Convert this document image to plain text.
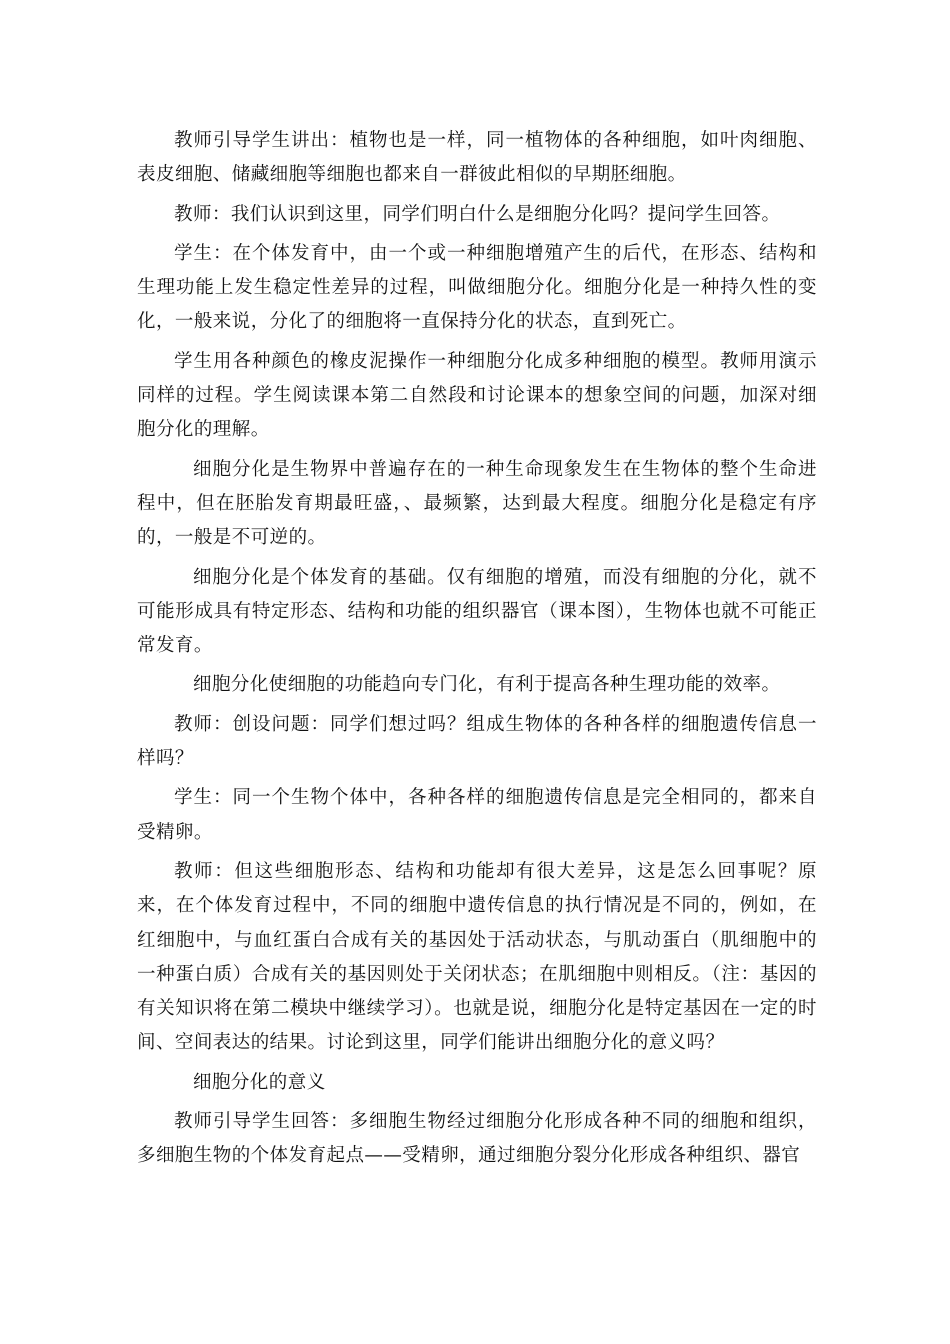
教师引导学生讲出：植物也是一样，同一植物体的各种细胞，如叶肉细胞、表皮细胞、储藏细胞等细胞也都来自一群彼此相似的早期胚细胞。

教师：我们认识到这里，同学们明白什么是细胞分化吗？提问学生回答。

学生：在个体发育中，由一个或一种细胞增殖产生的后代，在形态、结构和生理功能上发生稳定性差异的过程，叫做细胞分化。细胞分化是一种持久性的变化，一般来说，分化了的细胞将一直保持分化的状态，直到死亡。

学生用各种颜色的橡皮泥操作一种细胞分化成多种细胞的模型。教师用演示同样的过程。学生阅读课本第二自然段和讨论课本的想象空间的问题，加深对细胞分化的理解。

细胞分化是生物界中普遍存在的一种生命现象发生在生物体的整个生命进程中，但在胚胎发育期最旺盛，、最频繁，达到最大程度。细胞分化是稳定有序的，一般是不可逆的。

细胞分化是个体发育的基础。仅有细胞的增殖，而没有细胞的分化，就不可能形成具有特定形态、结构和功能的组织器官（课本图），生物体也就不可能正常发育。

细胞分化使细胞的功能趋向专门化，有利于提高各种生理功能的效率。

教师：创设问题：同学们想过吗？组成生物体的各种各样的细胞遗传信息一样吗？

学生：同一个生物个体中，各种各样的细胞遗传信息是完全相同的，都来自受精卵。

教师：但这些细胞形态、结构和功能却有很大差异，这是怎么回事呢？原来，在个体发育过程中，不同的细胞中遗传信息的执行情况是不同的，例如，在红细胞中，与血红蛋白合成有关的基因处于活动状态，与肌动蛋白（肌细胞中的一种蛋白质）合成有关的基因则处于关闭状态；在肌细胞中则相反。（注：基因的有关知识将在第二模块中继续学习）。也就是说，细胞分化是特定基因在一定的时间、空间表达的结果。讨论到这里，同学们能讲出细胞分化的意义吗？

细胞分化的意义

教师引导学生回答：多细胞生物经过细胞分化形成各种不同的细胞和组织，多细胞生物的个体发育起点——受精卵，通过细胞分裂分化形成各种组织、器官
